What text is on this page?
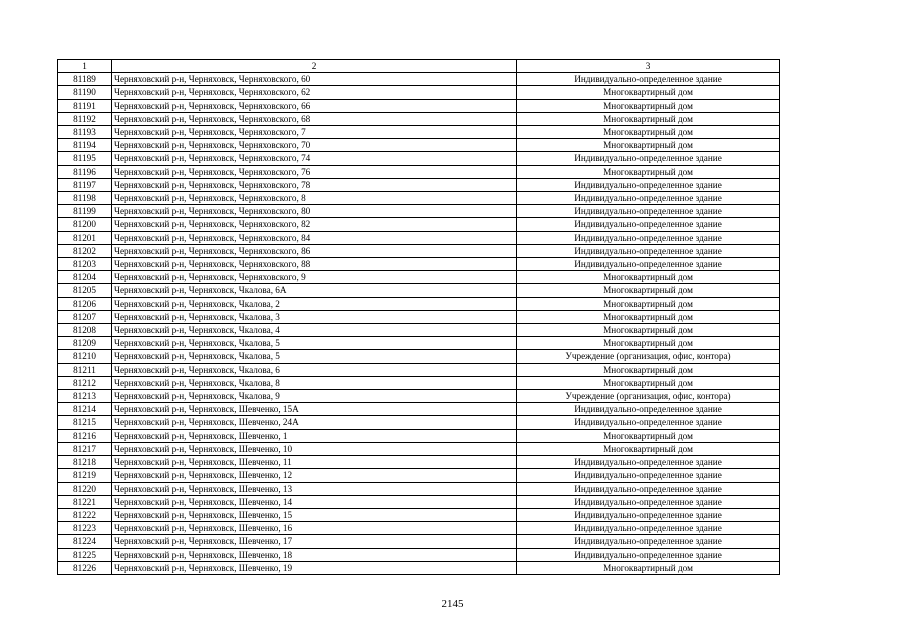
1	2	3
81189	Черняховский р-н, Черняховск, Черняховского, 60	Индивидуально-определенное здание
81190	Черняховский р-н, Черняховск, Черняховского, 62	Многоквартирный дом
81191	Черняховский р-н, Черняховск, Черняховского, 66	Многоквартирный дом
81192	Черняховский р-н, Черняховск, Черняховского, 68	Многоквартирный дом
81193	Черняховский р-н, Черняховск, Черняховского, 7	Многоквартирный дом
81194	Черняховский р-н, Черняховск, Черняховского, 70	Многоквартирный дом
81195	Черняховский р-н, Черняховск, Черняховского, 74	Индивидуально-определенное здание
81196	Черняховский р-н, Черняховск, Черняховского, 76	Многоквартирный дом
81197	Черняховский р-н, Черняховск, Черняховского, 78	Индивидуально-определенное здание
81198	Черняховский р-н, Черняховск, Черняховского, 8	Индивидуально-определенное здание
81199	Черняховский р-н, Черняховск, Черняховского, 80	Индивидуально-определенное здание
81200	Черняховский р-н, Черняховск, Черняховского, 82	Индивидуально-определенное здание
81201	Черняховский р-н, Черняховск, Черняховского, 84	Индивидуально-определенное здание
81202	Черняховский р-н, Черняховск, Черняховского, 86	Индивидуально-определенное здание
81203	Черняховский р-н, Черняховск, Черняховского, 88	Индивидуально-определенное здание
81204	Черняховский р-н, Черняховск, Черняховского, 9	Многоквартирный дом
81205	Черняховский р-н, Черняховск, Чкалова, 6А	Многоквартирный дом
81206	Черняховский р-н, Черняховск, Чкалова, 2	Многоквартирный дом
81207	Черняховский р-н, Черняховск, Чкалова, 3	Многоквартирный дом
81208	Черняховский р-н, Черняховск, Чкалова, 4	Многоквартирный дом
81209	Черняховский р-н, Черняховск, Чкалова, 5	Многоквартирный дом
81210	Черняховский р-н, Черняховск, Чкалова, 5	Учреждение (организация, офис, контора)
81211	Черняховский р-н, Черняховск, Чкалова, 6	Многоквартирный дом
81212	Черняховский р-н, Черняховск, Чкалова, 8	Многоквартирный дом
81213	Черняховский р-н, Черняховск, Чкалова, 9	Учреждение (организация, офис, контора)
81214	Черняховский р-н, Черняховск, Шевченко, 15А	Индивидуально-определенное здание
81215	Черняховский р-н, Черняховск, Шевченко, 24А	Индивидуально-определенное здание
81216	Черняховский р-н, Черняховск, Шевченко, 1	Многоквартирный дом
81217	Черняховский р-н, Черняховск, Шевченко, 10	Многоквартирный дом
81218	Черняховский р-н, Черняховск, Шевченко, 11	Индивидуально-определенное здание
81219	Черняховский р-н, Черняховск, Шевченко, 12	Индивидуально-определенное здание
81220	Черняховский р-н, Черняховск, Шевченко, 13	Индивидуально-определенное здание
81221	Черняховский р-н, Черняховск, Шевченко, 14	Индивидуально-определенное здание
81222	Черняховский р-н, Черняховск, Шевченко, 15	Индивидуально-определенное здание
81223	Черняховский р-н, Черняховск, Шевченко, 16	Индивидуально-определенное здание
81224	Черняховский р-н, Черняховск, Шевченко, 17	Индивидуально-определенное здание
81225	Черняховский р-н, Черняховск, Шевченко, 18	Индивидуально-определенное здание
81226	Черняховский р-н, Черняховск, Шевченко, 19	Многоквартирный дом
2145
